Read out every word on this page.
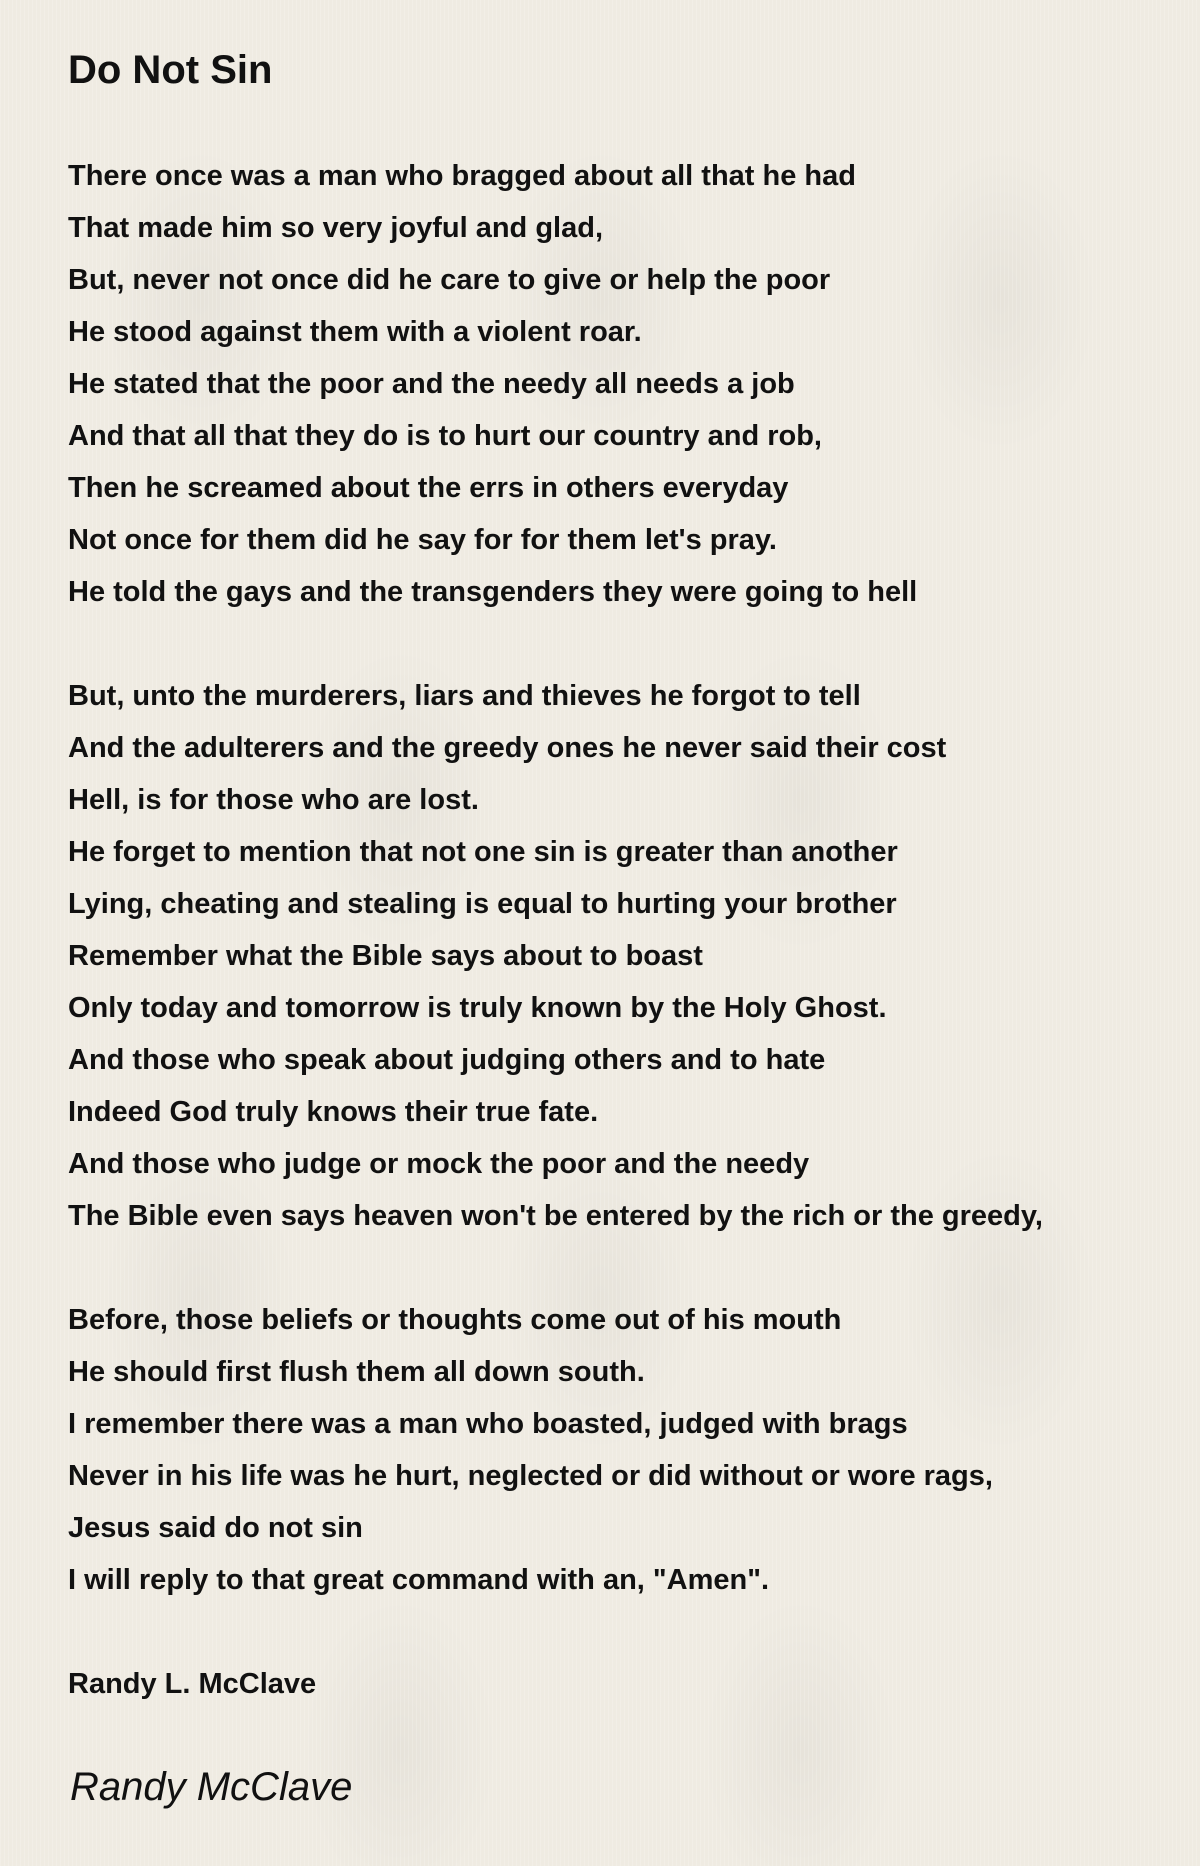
Do Not Sin
There once was a man who bragged about all that he had
That made him so very joyful and glad,
But, never not once did he care to give or help the poor
He stood against them with a violent roar.
He stated that the poor and the needy all needs a job
And that all that they do is to hurt our country and rob,
Then he screamed about the errs in others everyday
Not once for them did he say for for them let's pray.
He told the gays and the transgenders they were going to hell
But, unto the murderers, liars and thieves he forgot to tell
And the adulterers and the greedy ones he never said their cost
Hell, is for those who are lost.
He forget to mention that not one sin is greater than another
Lying, cheating and stealing is equal to hurting your brother
Remember what the Bible says about to boast
Only today and tomorrow is truly known by the Holy Ghost.
And those who speak about judging others and to hate
Indeed God truly knows their true fate.
And those who judge or mock the poor and the needy
The Bible even says heaven won't be entered by the rich or the greedy,
Before, those beliefs or thoughts come out of his mouth
He should first flush them all down south.
I remember there was a man who boasted, judged with brags
Never in his life was he hurt, neglected or did without or wore rags,
Jesus said do not sin
I will reply to that great command with an, "Amen".
Randy L. McClave
Randy McClave
